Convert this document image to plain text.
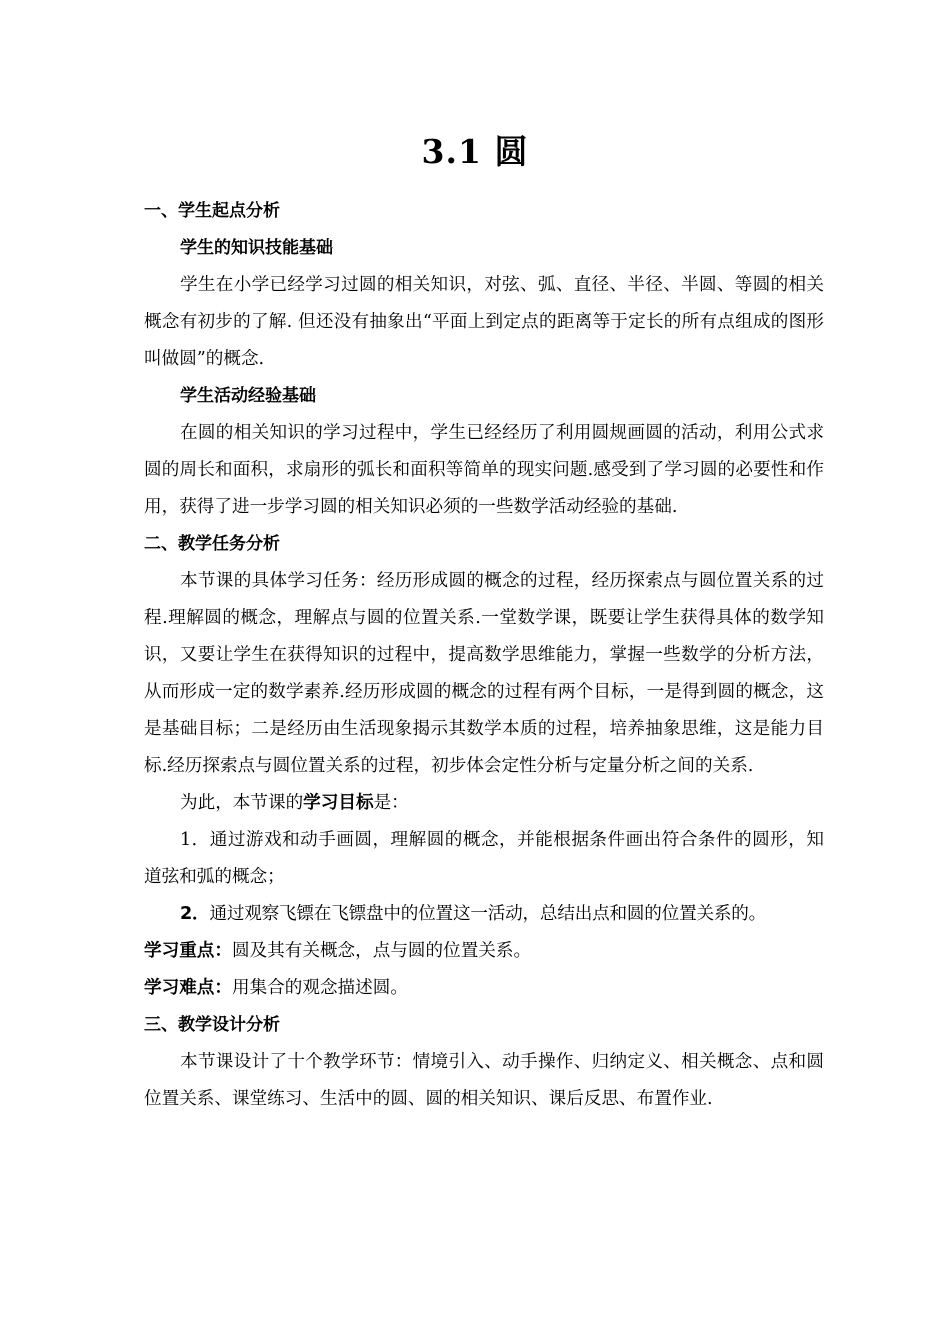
3.1 圆

一、学生起点分析

学生的知识技能基础

学生在小学已经学习过圆的相关知识，对弦、弧、直径、半径、半圆、等圆的相关概念有初步的了解. 但还没有抽象出“平面上到定点的距离等于定长的所有点组成的图形叫做圆”的概念.

学生活动经验基础

在圆的相关知识的学习过程中，学生已经经历了利用圆规画圆的活动，利用公式求圆的周长和面积，求扇形的弧长和面积等简单的现实问题.感受到了学习圆的必要性和作用，获得了进一步学习圆的相关知识必须的一些数学活动经验的基础.

二、教学任务分析

本节课的具体学习任务：经历形成圆的概念的过程，经历探索点与圆位置关系的过程.理解圆的概念，理解点与圆的位置关系.一堂数学课，既要让学生获得具体的数学知识，又要让学生在获得知识的过程中，提高数学思维能力，掌握一些数学的分析方法，从而形成一定的数学素养.经历形成圆的概念的过程有两个目标，一是得到圆的概念，这是基础目标；二是经历由生活现象揭示其数学本质的过程，培养抽象思维，这是能力目标.经历探索点与圆位置关系的过程，初步体会定性分析与定量分析之间的关系.

为此，本节课的学习目标是：

1．通过游戏和动手画圆，理解圆的概念，并能根据条件画出符合条件的圆形，知道弦和弧的概念；

2．通过观察飞镖在飞镖盘中的位置这一活动，总结出点和圆的位置关系的。

学习重点：圆及其有关概念，点与圆的位置关系。

学习难点：用集合的观念描述圆。

三、教学设计分析

本节课设计了十个教学环节：情境引入、动手操作、归纳定义、相关概念、点和圆位置关系、课堂练习、生活中的圆、圆的相关知识、课后反思、布置作业.
